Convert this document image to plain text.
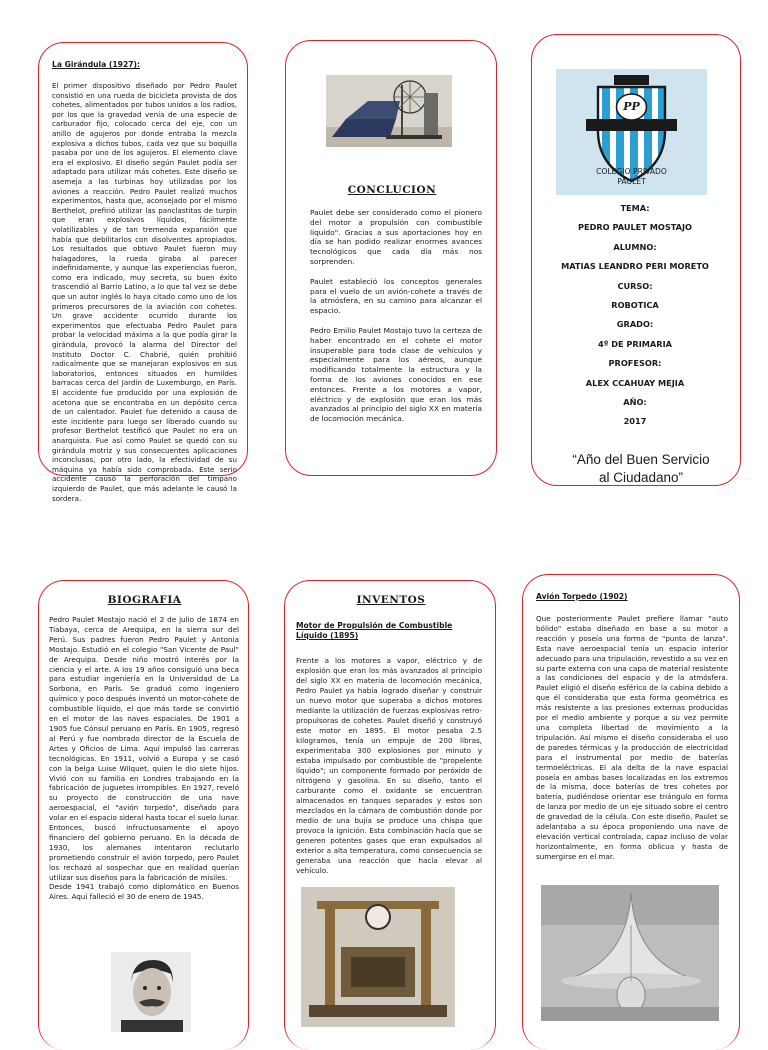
La Girándula (1927):
El primer dispositivo diseñado por Pedro Paulet consistió en una rueda de bicicleta provista de dos cohetes, alimentados por tubos unidos a los radios, por los que la gravedad venía de una especie de carburador fijo, colocado cerca del eje, con un anillo de agujeros por donde entraba la mezcla explosiva a dichos tubos, cada vez que su boquilla pasaba por uno de los agujeros. El elemento clave era el explosivo. El diseño según Paulet podía ser adaptado para utilizar más cohetes. Este diseño se asemeja a las turbinas hoy utilizadas por los aviones a reacción. Pedro Paulet realizó muchos experimentos, hasta que, aconsejado por el mismo Berthelot, prefirió utilizar las panclastitas de turpin que eran explosivos líquidos, fácilmente volatilizables y de tan tremenda expansión que había que debilitarlos con disolventes apropiados. Los resultados que obtuvo Paulet fueron muy halagadores, la rueda giraba al parecer indefinidamente, y aunque las experiencias fueron, como era indicado, muy secreta, su buen éxito trascendió al Barrio Latino, a lo que tal vez se debe que un autor inglés lo haya citado como uno de los primeros precursores de la aviación con cohetes. Un grave accidente ocurrido durante los experimentos que efectuaba Pedro Paulet para probar la velocidad máxima a la que podía girar la girándula, provocó la alarma del Director del Instituto Doctor C. Chabrié, quién prohibió radicalmente que se manejaran explosivos en sus laboratorios, entonces situados en humildes barracas cerca del Jardín de Luxemburgo, en París. El accidente fue producido por una explosión de acetona que se encontraba en un depósito cerca de un calentador. Paulet fue detenido a causa de este incidente para luego ser liberado cuando su profesor Berthelot testificó que Paulet no era un anarquista. Fue así como Paulet se quedó con su girándula motriz y sus consecuentes aplicaciones inconclusas, por otro lado, la efectividad de su máquina ya había sido comprobada. Este serio accidente causó la perforación del tímpano izquierdo de Paulet, que más adelante le causó la sordera.
CONCLUCION

Paulet debe ser considerado como el pionero del motor a propulsión con combustible líquido". Gracias a sus aportaciones hoy en día se han podido realizar enormes avances tecnológicos que cada día más nos sorprenden.

Paulet estableció los conceptos generales para el vuelo de un avión-cohete a través de la atmósfera, en su camino para alcanzar el espacio.

Pedro Emilio Paulet Mostajo tuvo la certeza de haber encontrado en el cohete el motor insuperable para toda clase de vehículos y especialmente para los aéreos, aunque modificando totalmente la estructura y la forma de los aviones conocidos en ese entonces. Frente a los motores a vapor, eléctrico y de explosión que eran los más avanzados al principio del siglo XX en materia de locomoción mecánica.

PP
COLEGIO PRIVADO
PAULET
TEMA:
PEDRO PAULET MOSTAJO
ALUMNO:
MATIAS LEANDRO PERI MORETO
CURSO:
ROBOTICA
GRADO:
4º DE PRIMARIA
PROFESOR:
ALEX CCAHUAY MEJIA
AÑO:
2017
“Año del Buen Servicio
al Ciudadano”
BIOGRAFIA
Pedro Paulet Mostajo nació el 2 de julio de 1874 en Tiabaya, cerca de Arequipa, en la sierra sur del Perú. Sus padres fueron Pedro Paulet y Antonia Mostajo. Estudió en el colegio "San Vicente de Paul" de Arequipa. Desde niño mostró interés por la ciencia y el arte. A los 19 años consiguió una beca para estudiar ingeniería en la Universidad de La Sorbona, en París. Se graduó como ingeniero químico y poco después inventó un motor-cohete de combustible líquido, el que más tarde se convirtió en el motor de las naves espaciales. De 1901 a 1905 fue Cónsul peruano en París. En 1905, regresó al Perú y fue nombrado director de la Escuela de Artes y Oficios de Lima. Aquí impulsó las carreras tecnológicas. En 1911, volvió a Europa y se casó con la belga Luise Wilquet, quien le dio siete hijos. Vivió con su familia en Londres trabajando en la fabricación de juguetes irrompibles. En 1927, reveló su proyecto de construcción de una nave aeroespacial, el "avión torpedo", diseñado para volar en el espacio sideral hasta tocar el suelo lunar. Entonces, buscó infructuosamente el apoyo financiero del gobierno peruano. En la década de 1930, los alemanes intentaron reclutarlo prometiendo construir el avión torpedo, pero Paulet los rechazó al sospechar que en realidad querían utilizar sus diseños para la fabricación de misiles.
Desde 1941 trabajó como diplomático en Buenos Aires. Aquí falleció el 30 de enero de 1945.
INVENTOS
Motor de Propulsión de Combustible Líquido (1895)
Frente a los motores a vapor, eléctrico y de explosión que eran los más avanzados al principio del siglo XX en materia de locomoción mecánica, Pedro Paulet ya había logrado diseñar y construir un nuevo motor que superaba a dichos motores mediante la utilización de fuerzas explosivas retro-propulsoras de cohetes. Paulet diseñó y construyó este motor en 1895. El motor pesaba 2.5 kilogramos, tenía un empuje de 200 libras, experimentaba 300 explosiones por minuto y estaba impulsado por combustible de "propelente líquido"; un componente formado por peróxido de nitrógeno y gasolina. En su diseño, tanto el carburante como el oxidante se encuentran almacenados en tanques separados y estos son mezclados en la cámara de combustión donde por medio de una bujía se produce una chispa que provoca la ignición. Esta combinación hacía que se generen potentes gases que eran expulsados al exterior a alta temperatura, como consecuencia se generaba una reacción que hacía elevar al vehículo.
Avión Torpedo (1902)
Que posteriormente Paulet prefiere llamar "auto bólido" estaba diseñado en base a su motor a reacción y poseía una forma de "punta de lanza". Esta nave aeroespacial tenía un espacio interior adecuado para una tripulación, revestido a su vez en su parte externa con una capa de material resistente a las condiciones del espacio y de la atmósfera. Paulet eligió el diseño esférico de la cabina debido a que él consideraba que esta forma geométrica es más resistente a las presiones externas producidas por el medio ambiente y porque a su vez permite una completa libertad de movimiento a la tripulación. Así mismo el diseño consideraba el uso de paredes térmicas y la producción de electricidad para el instrumental por medio de baterías termoeléctricas. El ala delta de la nave espacial poseía en ambas bases localizadas en los extremos de la misma, doce baterías de tres cohetes por batería, pudiéndose orientar ese triángulo en forma de lanza por medio de un eje situado sobre el centro de gravedad de la célula. Con este diseño, Paulet se adelantaba a su época proponiendo una nave de elevación vertical controlada, capaz incluso de volar horizontalmente, en forma oblicua y hasta de sumergirse en el mar.
